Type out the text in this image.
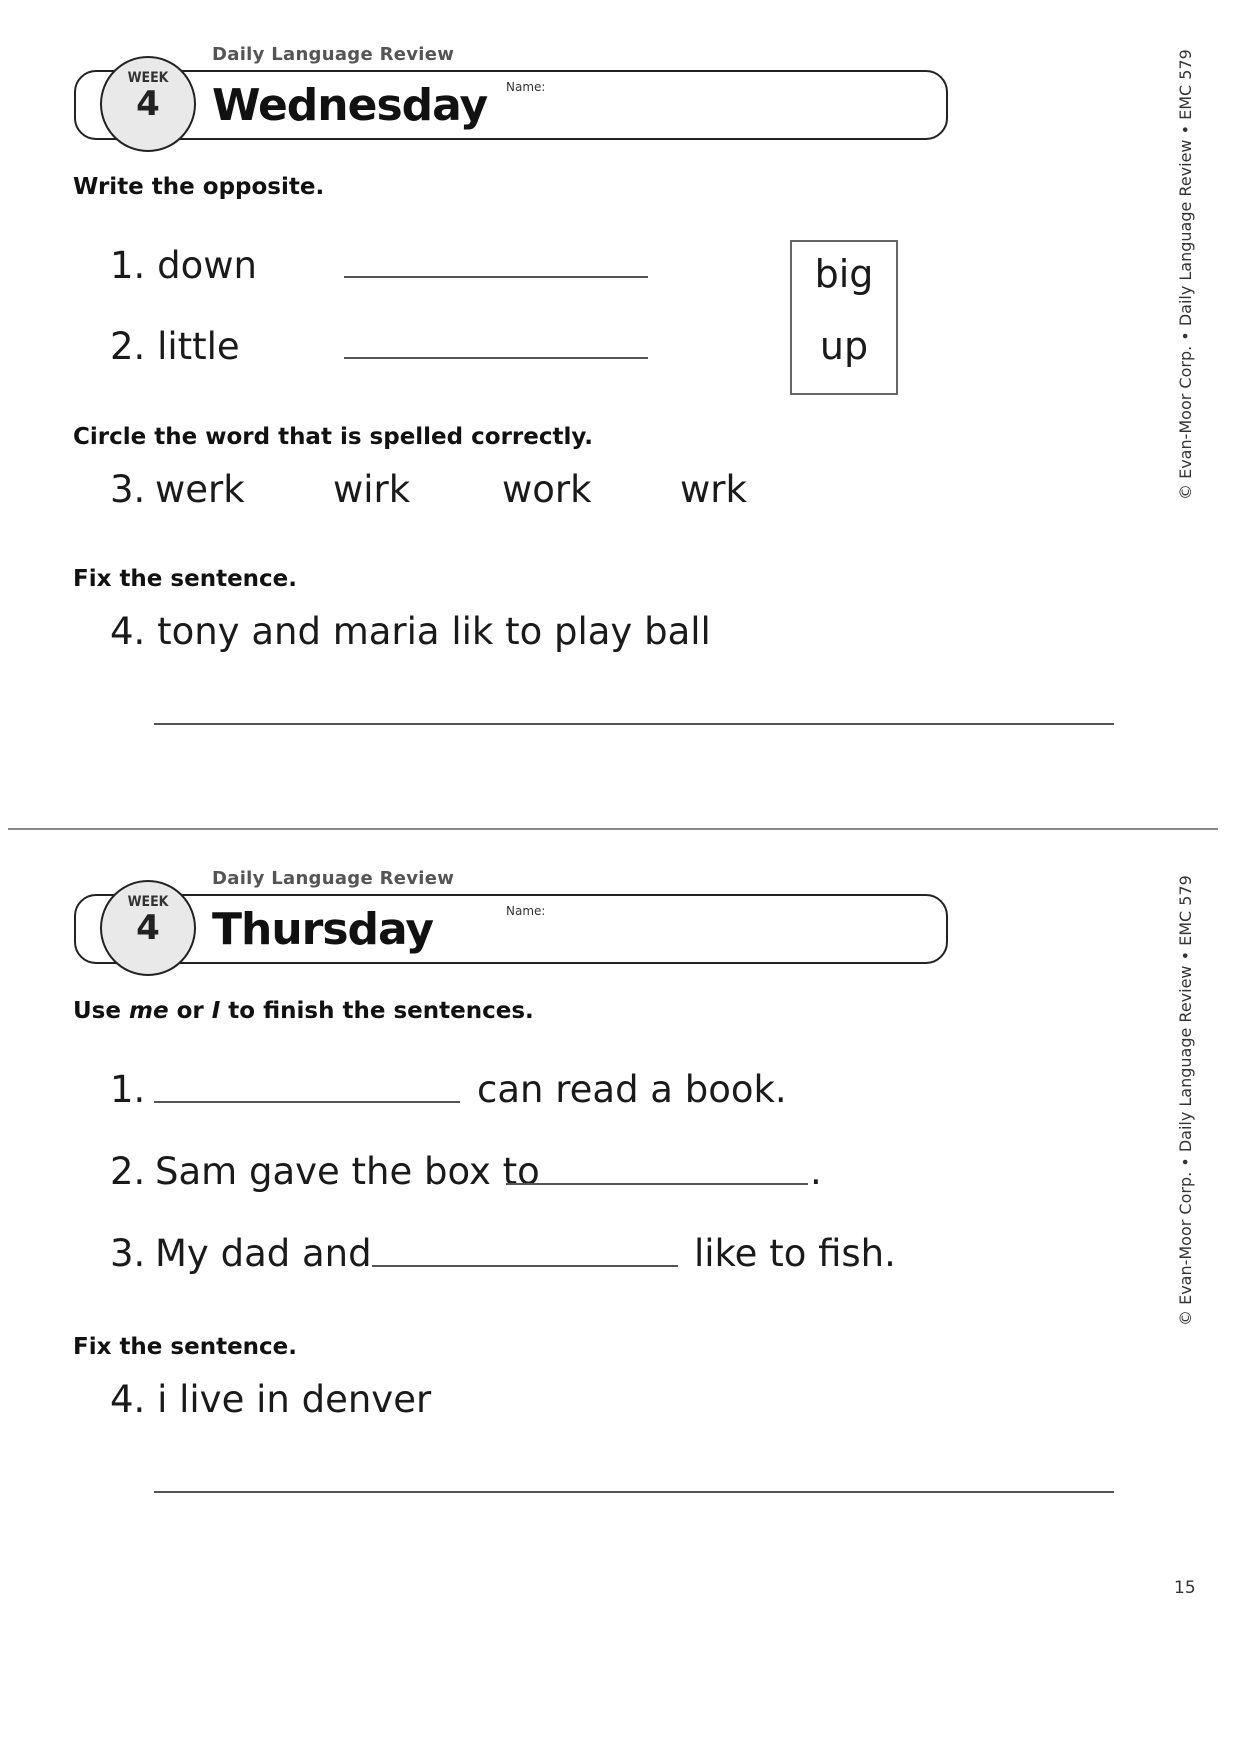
Daily Language Review
WEEK
4	Wednesday Name:
Write the opposite.
1. down
2. little
big
up
Circle the word that is spelled correctly.
3. werk wirk work wrk
Fix the sentence.
4. tony and maria lik to play ball
© Evan-Moor Corp. • Daily Language Review • EMC 579
Daily Language Review
WEEK
4	Thursday	Name:
Use me or I to finish the sentences.
1.	can read a book.
2. Sam gave the box to	.
3. My dad and	like to fish.
Fix the sentence.
4. i live in denver
© Evan-Moor Corp. • Daily Language Review • EMC 579
15
